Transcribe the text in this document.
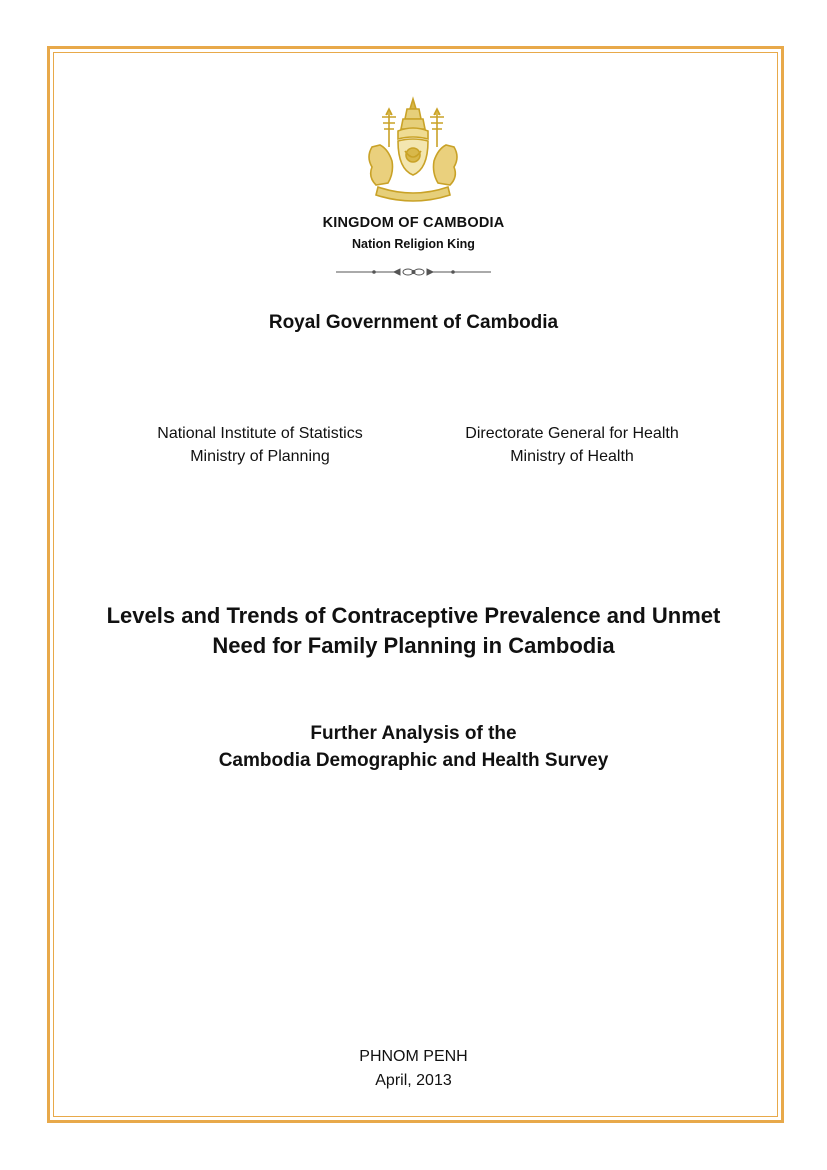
KINGDOM OF CAMBODIA
Nation Religion King
Royal Government of Cambodia
National Institute of Statistics
Ministry of Planning
Directorate General for Health
Ministry of Health
Levels and Trends of Contraceptive Prevalence and Unmet
Need for Family Planning in Cambodia
Further Analysis of the
Cambodia Demographic and Health Survey
PHNOM PENH
April, 2013
